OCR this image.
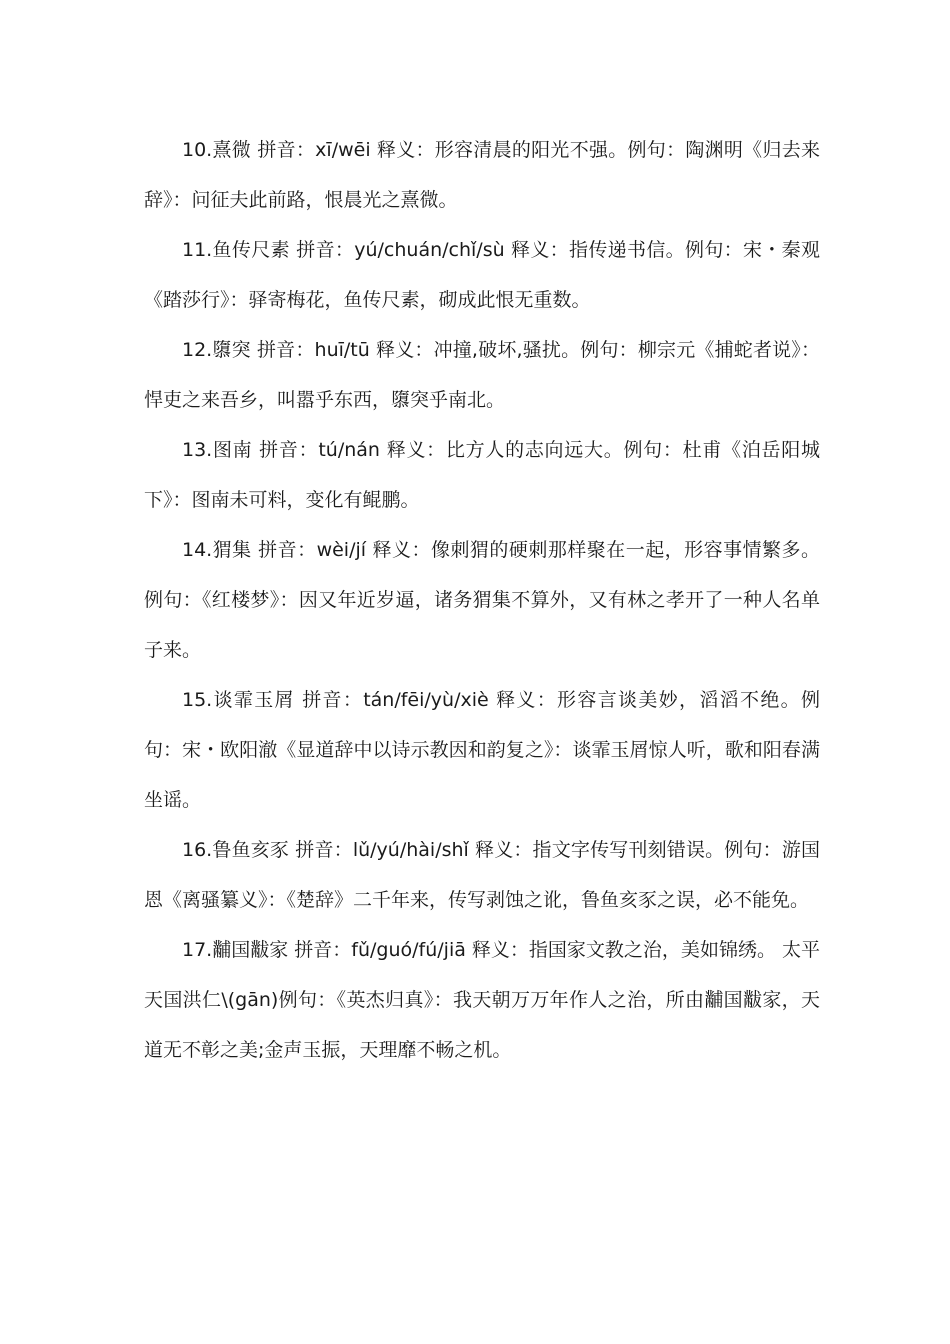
10.熹微 拼音：xī/wēi 释义：形容清晨的阳光不强。例句：陶渊明《归去来辞》：问征夫此前路，恨晨光之熹微。

11.鱼传尺素 拼音：yú/chuán/chǐ/sù 释义：指传递书信。例句：宋・秦观《踏莎行》：驿寄梅花，鱼传尺素，砌成此恨无重数。

12.隳突 拼音：huī/tū 释义：冲撞,破坏,骚扰。例句：柳宗元《捕蛇者说》：悍吏之来吾乡，叫嚣乎东西，隳突乎南北。

13.图南 拼音：tú/nán 释义：比方人的志向远大。例句：杜甫《泊岳阳城下》：图南未可料，变化有鲲鹏。

14.猬集 拼音：wèi/jí 释义：像刺猬的硬刺那样聚在一起，形容事情繁多。例句：《红楼梦》：因又年近岁逼，诸务猬集不算外，又有林之孝开了一种人名单子来。

15.谈霏玉屑 拼音：tán/fēi/yù/xiè 释义：形容言谈美妙，滔滔不绝。例句：宋・欧阳澈《显道辞中以诗示教因和韵复之》：谈霏玉屑惊人听，歌和阳春满坐谣。

16.鲁鱼亥豕 拼音：lǔ/yú/hài/shǐ 释义：指文字传写刊刻错误。例句：游国恩《离骚纂义》：《楚辞》二千年来，传写剥蚀之讹，鲁鱼亥豕之误，必不能免。

17.黼国黻家 拼音：fǔ/guó/fú/jiā 释义：指国家文教之治，美如锦绣。 太平天国洪仁\(gān)例句：《英杰归真》：我天朝万万年作人之治，所由黼国黻家，天道无不彰之美;金声玉振，天理靡不畅之机。
